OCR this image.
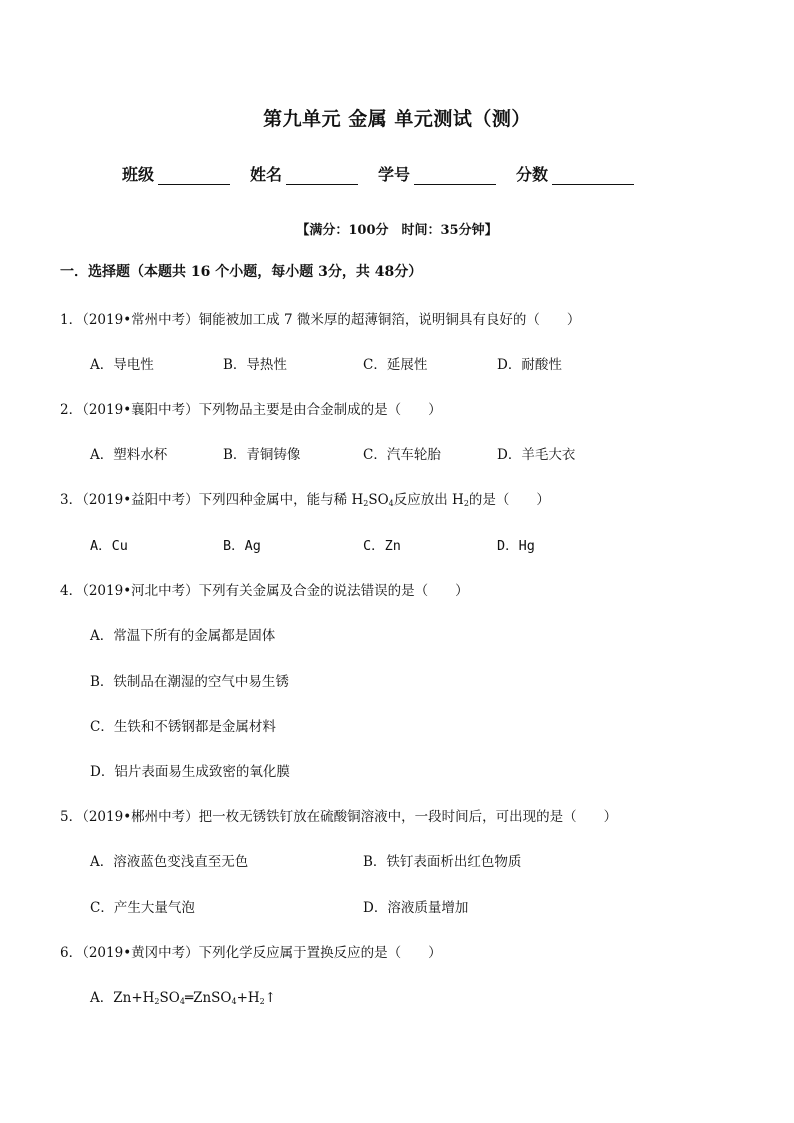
第九单元 金属 单元测试（测）
班级	姓名	学号	分数
【满分：100分　时间：35分钟】
一．选择题（本题共 16 个小题，每小题 3分，共 48分）
1．（2019•常州中考）铜能被加工成 7 微米厚的超薄铜箔，说明铜具有良好的（　　）
A．导电性	B．导热性	C．延展性	D．耐酸性
2．（2019•襄阳中考）下列物品主要是由合金制成的是（　　）
A．塑料水杯	B．青铜铸像	C．汽车轮胎	D．羊毛大衣
3．（2019•益阳中考）下列四种金属中，能与稀 $H_2SO_4$反应放出 $H_2$的是（　　）
A．Cu	B．Ag	C．Zn	D．Hg
4．（2019•河北中考）下列有关金属及合金的说法错误的是（　　）
A．常温下所有的金属都是固体
B．铁制品在潮湿的空气中易生锈
C．生铁和不锈钢都是金属材料
D．铝片表面易生成致密的氧化膜
5．（2019•郴州中考）把一枚无锈铁钉放在硫酸铜溶液中，一段时间后，可出现的是（　　）
A．溶液蓝色变浅直至无色	B．铁钉表面析出红色物质
C．产生大量气泡	D．溶液质量增加
6．（2019•黄冈中考）下列化学反应属于置换反应的是（　　）
A．$Zn+H_2SO_4═ZnSO_4+H_2↑$
